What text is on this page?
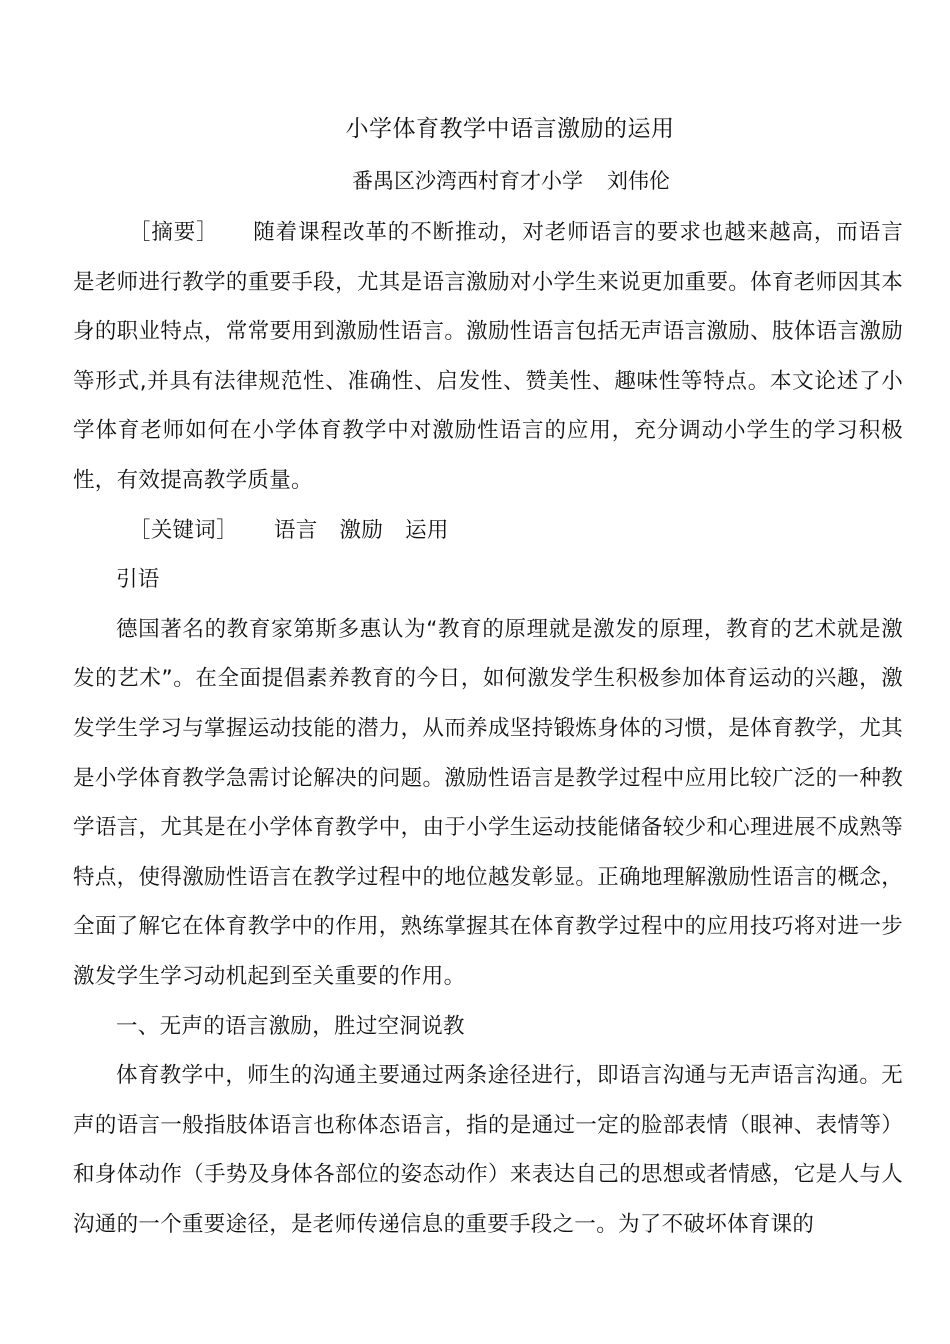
小学体育教学中语言激励的运用
番禺区沙湾西村育才小学 刘伟伦

［摘要］ 随着课程改革的不断推动，对老师语言的要求也越来越高，而语言是老师进行教学的重要手段，尤其是语言激励对小学生来说更加重要。体育老师因其本身的职业特点，常常要用到激励性语言。激励性语言包括无声语言激励、肢体语言激励等形式,并具有法律规范性、准确性、启发性、赞美性、趣味性等特点。本文论述了小学体育老师如何在小学体育教学中对激励性语言的应用，充分调动小学生的学习积极性，有效提高教学质量。

［关键词］ 语言 激励 运用

引语

德国著名的教育家第斯多惠认为“教育的原理就是激发的原理，教育的艺术就是激发的艺术”。在全面提倡素养教育的今日，如何激发学生积极参加体育运动的兴趣，激发学生学习与掌握运动技能的潜力，从而养成坚持锻炼身体的习惯，是体育教学，尤其是小学体育教学急需讨论解决的问题。激励性语言是教学过程中应用比较广泛的一种教学语言，尤其是在小学体育教学中，由于小学生运动技能储备较少和心理进展不成熟等特点，使得激励性语言在教学过程中的地位越发彰显。正确地理解激励性语言的概念，全面了解它在体育教学中的作用，熟练掌握其在体育教学过程中的应用技巧将对进一步激发学生学习动机起到至关重要的作用。

一、无声的语言激励，胜过空洞说教

体育教学中，师生的沟通主要通过两条途径进行，即语言沟通与无声语言沟通。无声的语言一般指肢体语言也称体态语言，指的是通过一定的脸部表情（眼神、表情等）和身体动作（手势及身体各部位的姿态动作）来表达自己的思想或者情感，它是人与人沟通的一个重要途径，是老师传递信息的重要手段之一。为了不破坏体育课的
